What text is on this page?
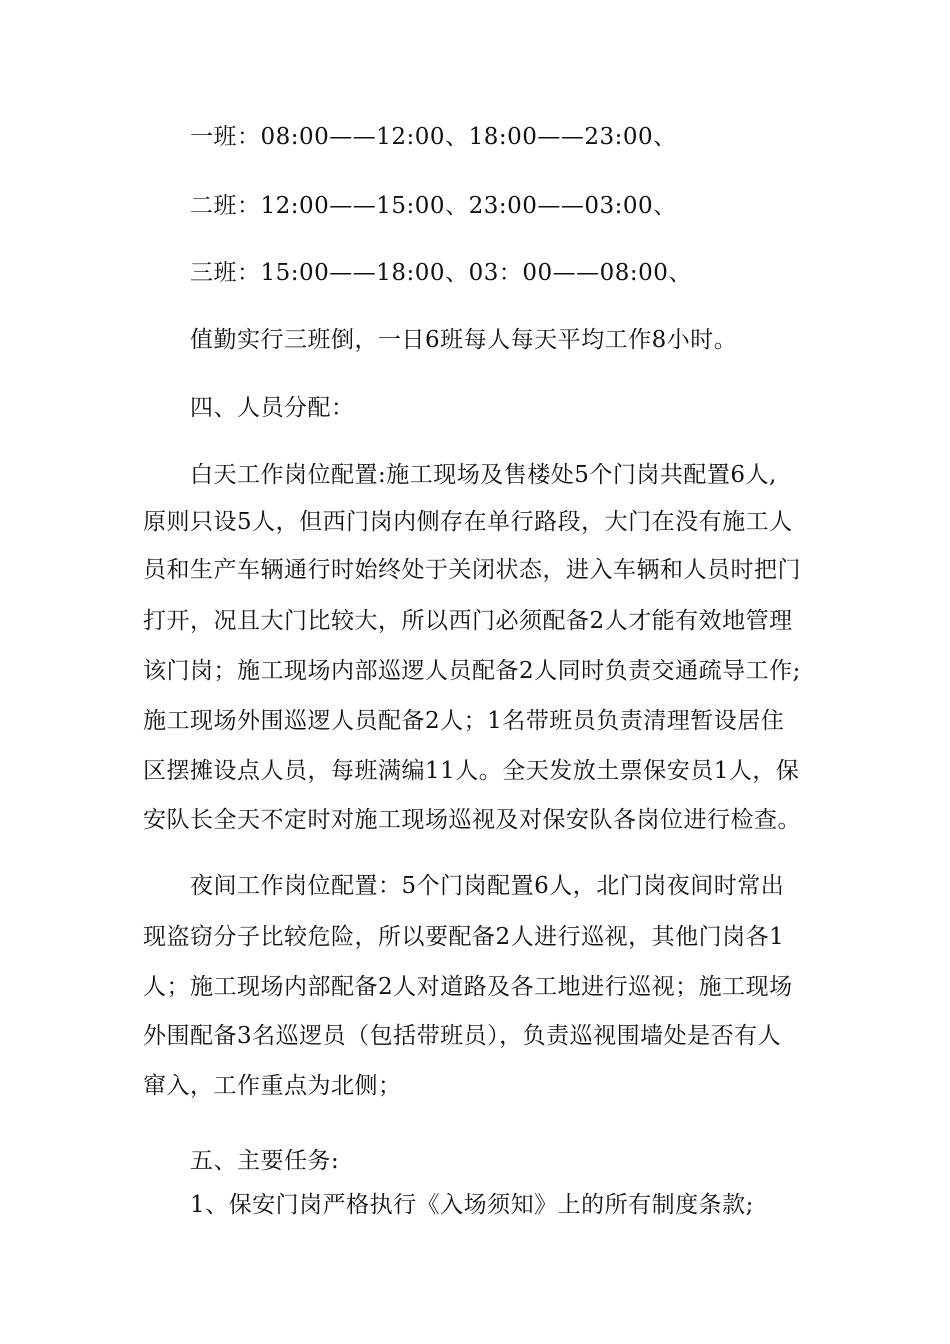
一班：08:00——12:00、18:00——23:00、
二班：12:00——15:00、23:00——03:00、
三班：15:00——18:00、03：00——08:00、
值勤实行三班倒，一日6班每人每天平均工作8小时。
四、人员分配：
白天工作岗位配置:施工现场及售楼处5个门岗共配置6人,
原则只设5人，但西门岗内侧存在单行路段，大门在没有施工人
员和生产车辆通行时始终处于关闭状态，进入车辆和人员时把门
打开，况且大门比较大，所以西门必须配备2人才能有效地管理
该门岗；施工现场内部巡逻人员配备2人同时负责交通疏导工作;
施工现场外围巡逻人员配备2人；1名带班员负责清理暂设居住
区摆摊设点人员，每班满编11人。全天发放土票保安员1人，保
安队长全天不定时对施工现场巡视及对保安队各岗位进行检查。
夜间工作岗位配置：5个门岗配置6人，北门岗夜间时常出
现盗窃分子比较危险，所以要配备2人进行巡视，其他门岗各1
人；施工现场内部配备2人对道路及各工地进行巡视；施工现场
外围配备3名巡逻员（包括带班员），负责巡视围墙处是否有人
窜入，工作重点为北侧；
五、主要任务:
1、保安门岗严格执行《入场须知》上的所有制度条款;
